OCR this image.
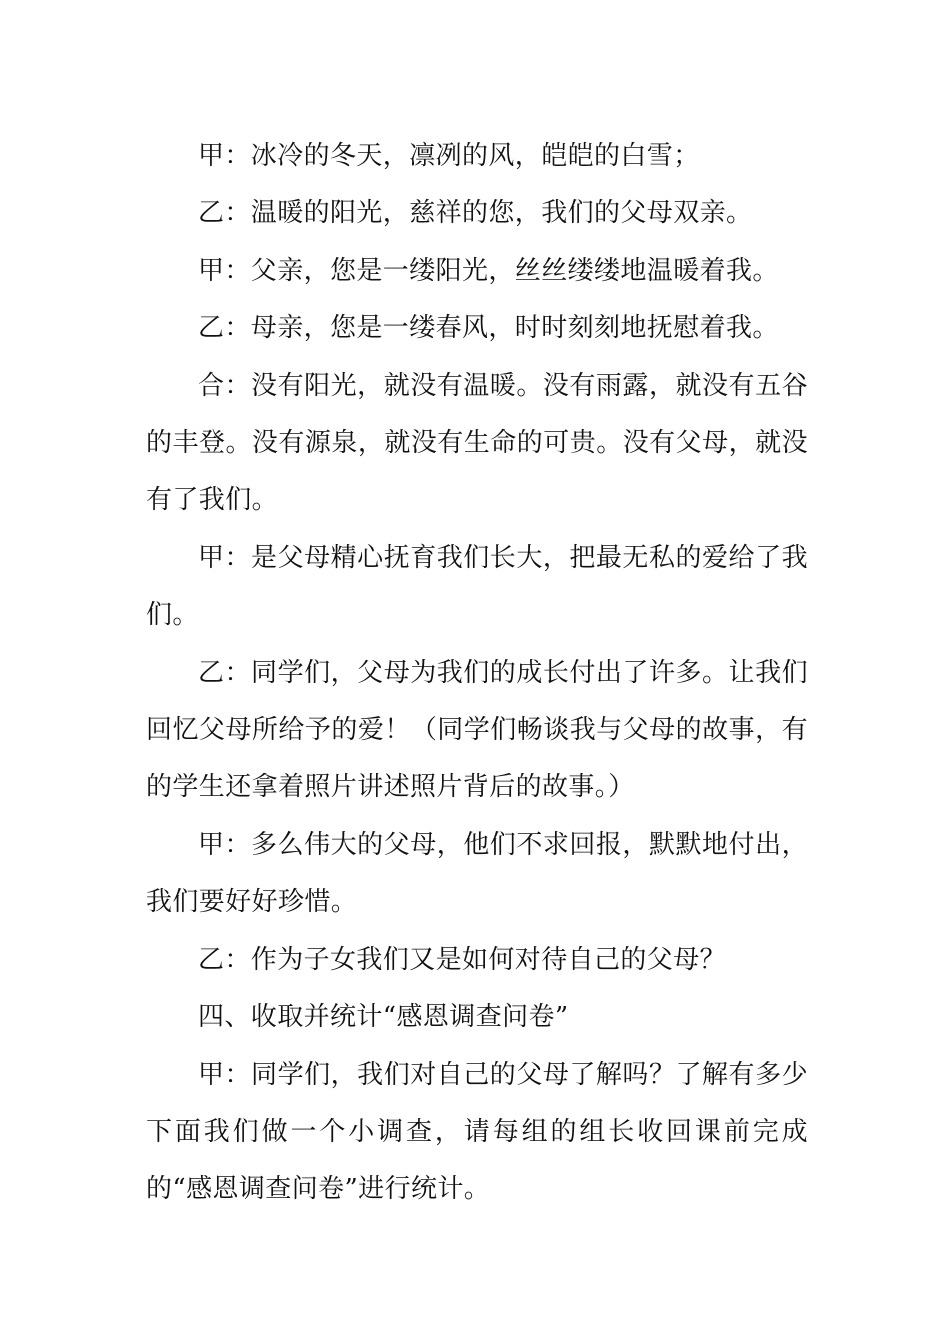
甲：冰冷的冬天，凛冽的风，皑皑的白雪；

乙：温暖的阳光，慈祥的您，我们的父母双亲。

甲：父亲，您是一缕阳光，丝丝缕缕地温暖着我。

乙：母亲，您是一缕春风，时时刻刻地抚慰着我。

合：没有阳光，就没有温暖。没有雨露，就没有五谷的丰登。没有源泉，就没有生命的可贵。没有父母，就没有了我们。

甲：是父母精心抚育我们长大，把最无私的爱给了我们。

乙：同学们，父母为我们的成长付出了许多。让我们回忆父母所给予的爱！（同学们畅谈我与父母的故事，有的学生还拿着照片讲述照片背后的故事。）

甲：多么伟大的父母，他们不求回报，默默地付出，我们要好好珍惜。

乙：作为子女我们又是如何对待自己的父母？

四、收取并统计“感恩调查问卷”

甲：同学们，我们对自己的父母了解吗？了解有多少下面我们做一个小调查，请每组的组长收回课前完成的“感恩调查问卷”进行统计。
